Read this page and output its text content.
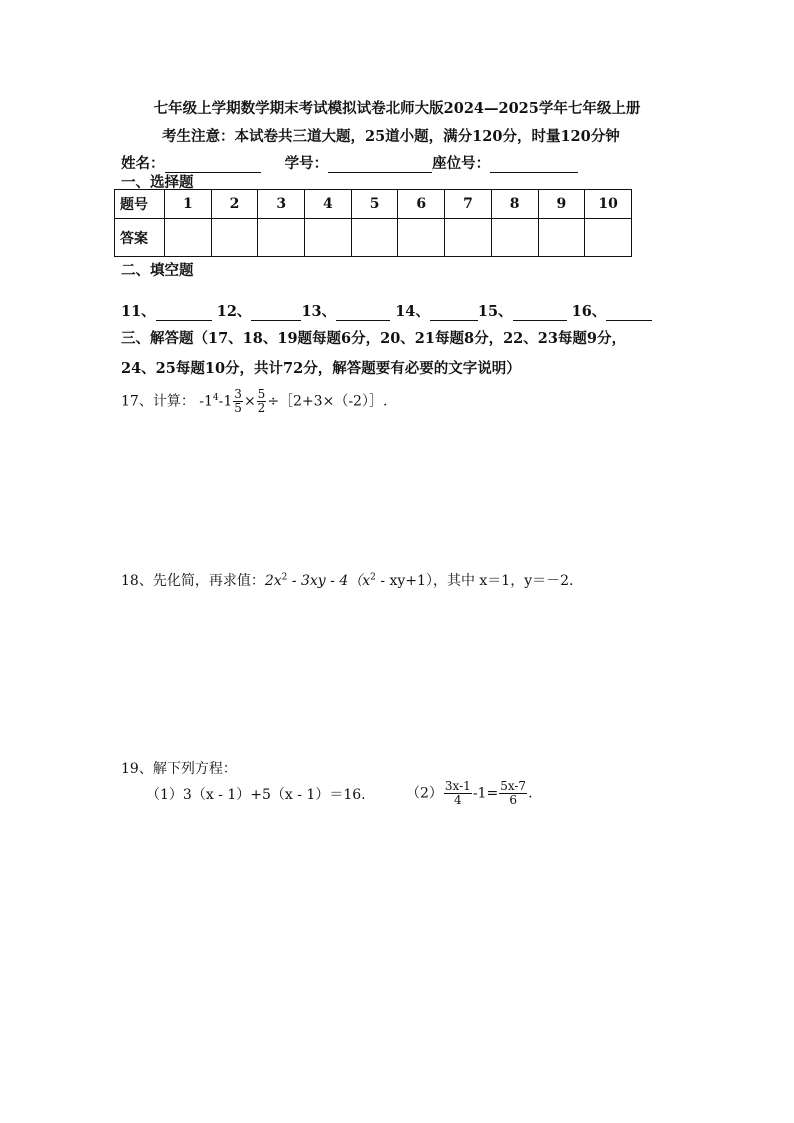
七年级上学期数学期末考试模拟试卷北师大版2024—2025学年七年级上册
考生注意：本试卷共三道大题，25道小题，满分120分，时量120分钟
姓名：	学号：	座位号：
一、选择题
题号	1	2	3	4	5	6	7	8	9	10
答案										
二、填空题
11、	12、	13、	14、	15、	16、
三、解答题（17、18、19题每题6分，20、21每题8分，22、23每题9分，
24、25每题10分，共计72分，解答题要有必要的文字说明）
17、计算： $-1^4-1 \frac{3}{5} \times \frac{5}{2}$ ÷［2+3×（-2）］.
18、先化简，再求值：$2x^2 - 3xy - 4(x^2 - xy+1)$，其中 x＝1，y＝－2.
19、解下列方程：
（1）3（x - 1）+5（x - 1）＝16.	$(2) \frac{3x-1}{4} -1= \frac{5x-7}{6}$ .
